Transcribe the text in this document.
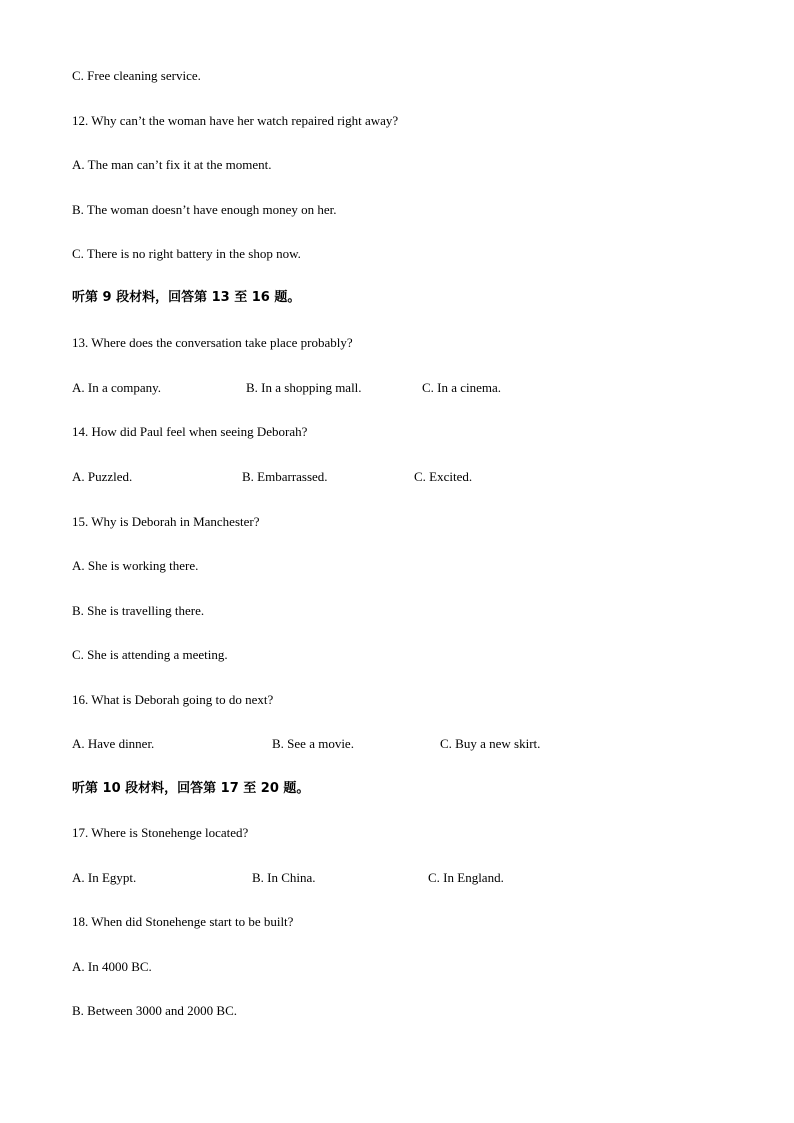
C. Free cleaning service.
12. Why can’t the woman have her watch repaired right away?
A. The man can’t fix it at the moment.
B. The woman doesn’t have enough money on her.
C. There is no right battery in the shop now.
听第 9 段材料，回答第 13 至 16 题。
13. Where does the conversation take place probably?
A. In a company.	B. In a shopping mall.	C. In a cinema.
14. How did Paul feel when seeing Deborah?
A. Puzzled.	B. Embarrassed.	C. Excited.
15. Why is Deborah in Manchester?
A. She is working there.
B. She is travelling there.
C. She is attending a meeting.
16. What is Deborah going to do next?
A. Have dinner.	B. See a movie.	C. Buy a new skirt.
听第 10 段材料，回答第 17 至 20 题。
17. Where is Stonehenge located?
A. In Egypt.	B. In China.	C. In England.
18. When did Stonehenge start to be built?
A. In 4000 BC.
B. Between 3000 and 2000 BC.
